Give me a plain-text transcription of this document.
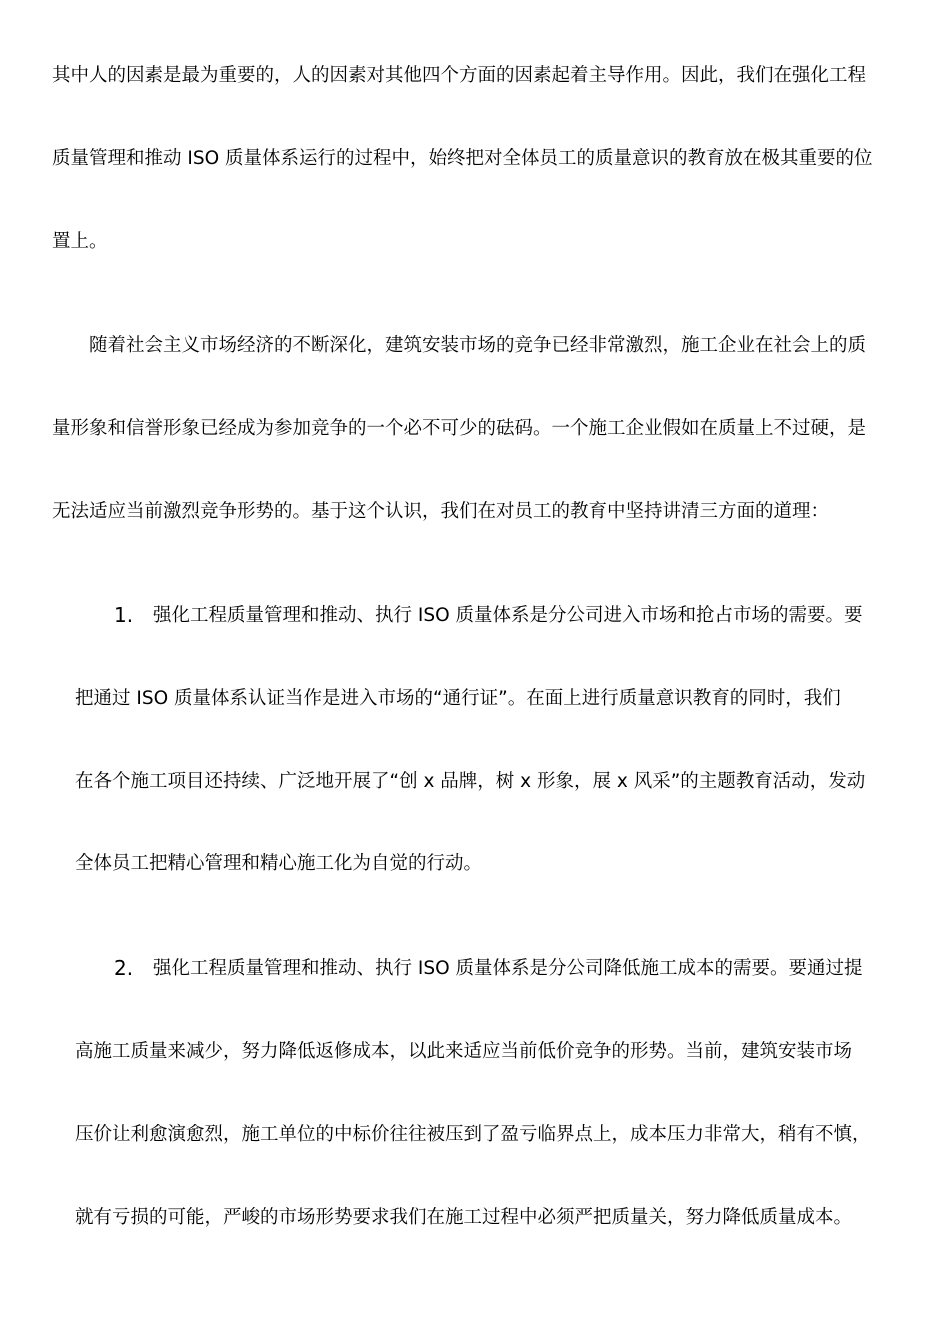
其中人的因素是最为重要的，人的因素对其他四个方面的因素起着主导作用。因此，我们在强化工程
质量管理和推动 ISO 质量体系运行的过程中，始终把对全体员工的质量意识的教育放在极其重要的位
置上。
随着社会主义市场经济的不断深化，建筑安装市场的竞争已经非常激烈，施工企业在社会上的质
量形象和信誉形象已经成为参加竞争的一个必不可少的砝码。一个施工企业假如在质量上不过硬，是
无法适应当前激烈竞争形势的。基于这个认识，我们在对员工的教育中坚持讲清三方面的道理：
1. 强化工程质量管理和推动、执行 ISO 质量体系是分公司进入市场和抢占市场的需要。要
把通过 ISO 质量体系认证当作是进入市场的“通行证”。在面上进行质量意识教育的同时，我们
在各个施工项目还持续、广泛地开展了“创 x 品牌，树 x 形象，展 x 风采”的主题教育活动，发动
全体员工把精心管理和精心施工化为自觉的行动。
2. 强化工程质量管理和推动、执行 ISO 质量体系是分公司降低施工成本的需要。要通过提
高施工质量来减少，努力降低返修成本，以此来适应当前低价竞争的形势。当前，建筑安装市场
压价让利愈演愈烈，施工单位的中标价往往被压到了盈亏临界点上，成本压力非常大，稍有不慎，
就有亏损的可能，严峻的市场形势要求我们在施工过程中必须严把质量关，努力降低质量成本。
